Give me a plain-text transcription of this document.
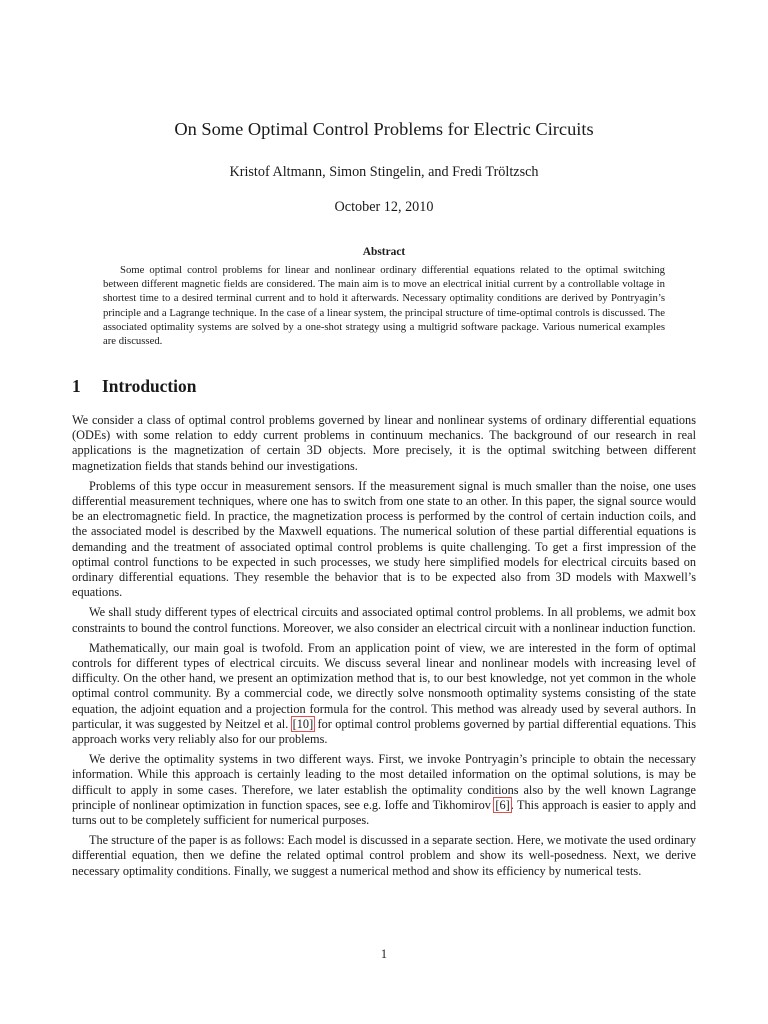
On Some Optimal Control Problems for Electric Circuits
Kristof Altmann, Simon Stingelin, and Fredi Tröltzsch
October 12, 2010
Abstract

Some optimal control problems for linear and nonlinear ordinary differential equations related to the optimal switching between different magnetic fields are considered. The main aim is to move an electrical initial current by a controllable voltage in shortest time to a desired terminal current and to hold it afterwards. Necessary optimality conditions are derived by Pontryagin’s principle and a Lagrange technique. In the case of a linear system, the principal structure of time-optimal controls is discussed. The associated optimality systems are solved by a one-shot strategy using a multigrid software package. Various numerical examples are discussed.

1 Introduction

We consider a class of optimal control problems governed by linear and nonlinear systems of ordinary differential equations (ODEs) with some relation to eddy current problems in continuum mechanics. The background of our research in real applications is the magnetization of certain 3D objects. More precisely, it is the optimal switching between different magnetization fields that stands behind our investigations.

Problems of this type occur in measurement sensors. If the measurement signal is much smaller than the noise, one uses differential measurement techniques, where one has to switch from one state to an other. In this paper, the signal source would be an electromagnetic field. In practice, the magnetization process is performed by the control of certain induction coils, and the associated model is described by the Maxwell equations. The numerical solution of these partial differential equations is demanding and the treatment of associated optimal control problems is quite challenging. To get a first impression of the optimal control functions to be expected in such processes, we study here simplified models for electrical circuits based on ordinary differential equations. They resemble the behavior that is to be expected also from 3D models with Maxwell’s equations.

We shall study different types of electrical circuits and associated optimal control problems. In all problems, we admit box constraints to bound the control functions. Moreover, we also consider an electrical circuit with a nonlinear induction function.

Mathematically, our main goal is twofold. From an application point of view, we are interested in the form of optimal controls for different types of electrical circuits. We discuss several linear and nonlinear models with increasing level of difficulty. On the other hand, we present an optimization method that is, to our best knowledge, not yet common in the whole optimal control community. By a commercial code, we directly solve nonsmooth optimality systems consisting of the state equation, the adjoint equation and a projection formula for the control. This method was already used by several authors. In particular, it was suggested by Neitzel et al. [10] for optimal control problems governed by partial differential equations. This approach works very reliably also for our problems.

We derive the optimality systems in two different ways. First, we invoke Pontryagin’s principle to obtain the necessary information. While this approach is certainly leading to the most detailed information on the optimal solutions, is may be difficult to apply in some cases. Therefore, we later establish the optimality conditions also by the well known Lagrange principle of nonlinear optimization in function spaces, see e.g. Ioffe and Tikhomirov [6]. This approach is easier to apply and turns out to be completely sufficient for numerical purposes.

The structure of the paper is as follows: Each model is discussed in a separate section. Here, we motivate the used ordinary differential equation, then we define the related optimal control problem and show its well-posedness. Next, we derive necessary optimality conditions. Finally, we suggest a numerical method and show its efficiency by numerical tests.

1
